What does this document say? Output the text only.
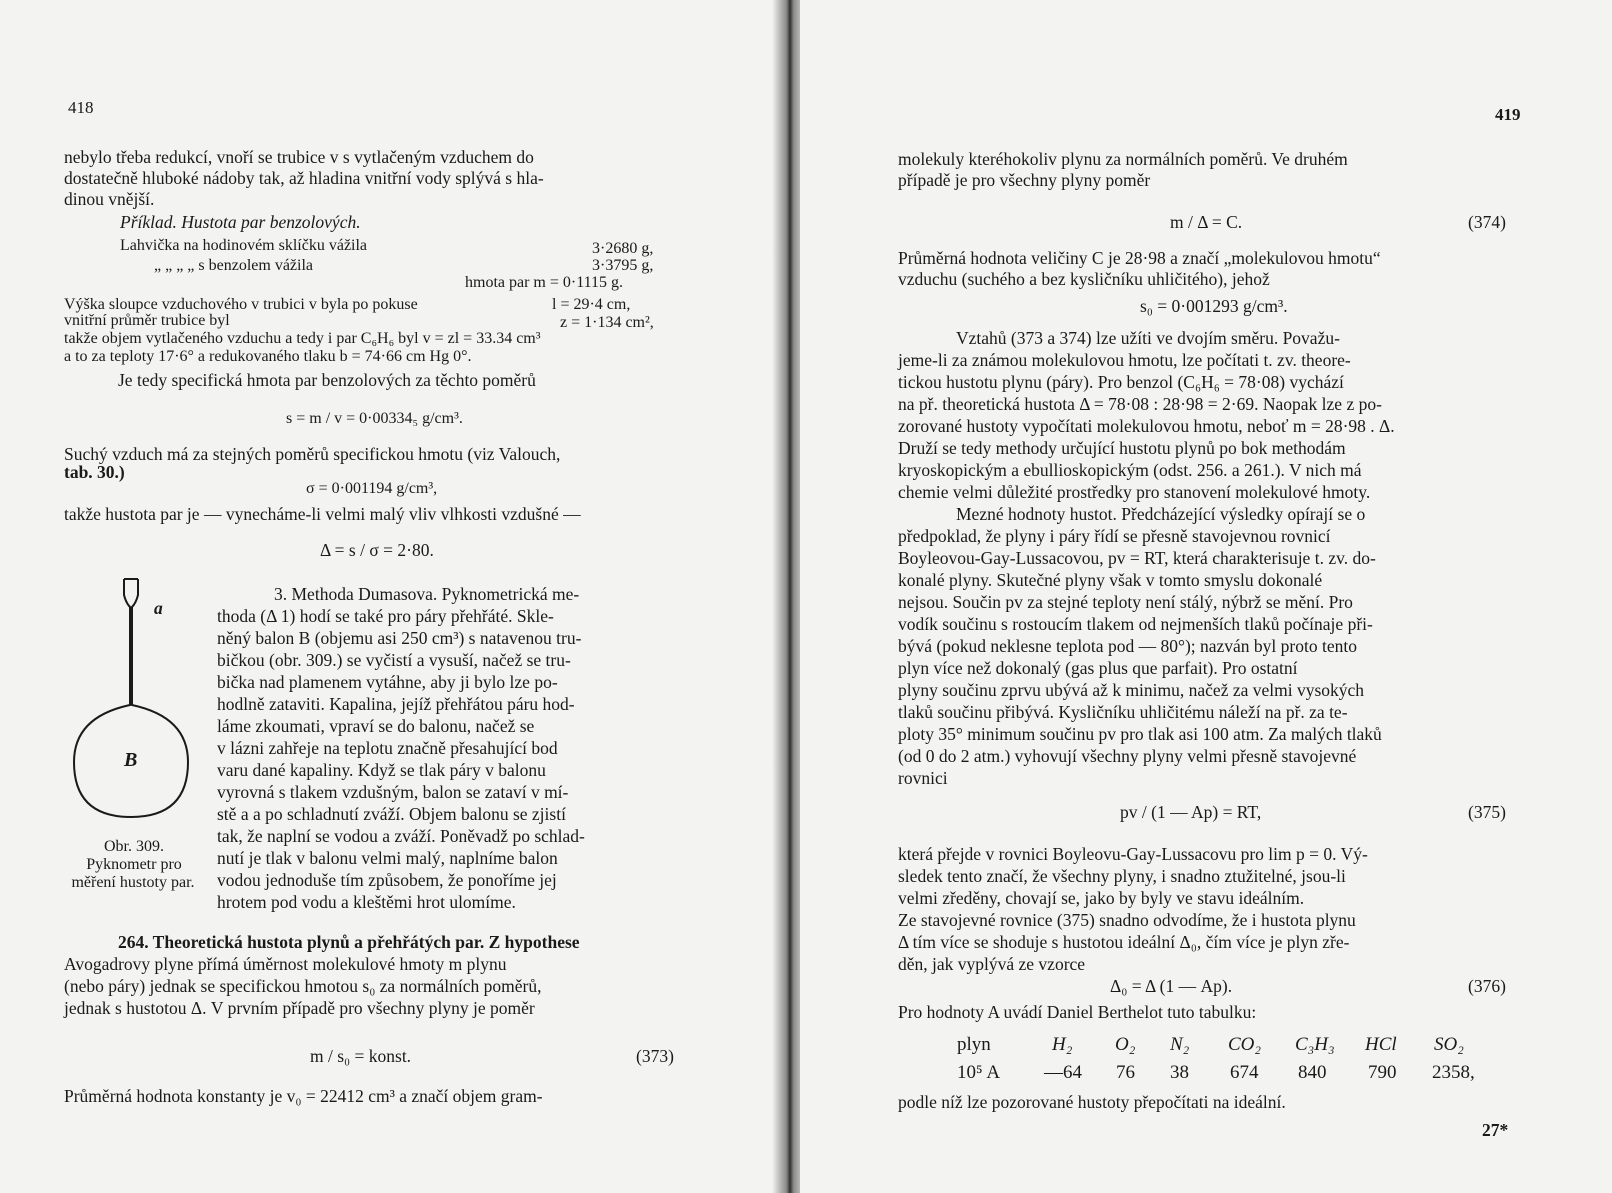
418
nebylo třeba redukcí, vnoří se trubice v s vytlačeným vzduchem do
dostatečně hluboké nádoby tak, až hladina vnitřní vody splývá s hla-
dinou vnější.
Příklad. Hustota par benzolových.
Lahvička na hodinovém sklíčku vážila	3·2680 g,
„ „ „ „ s benzolem vážila	3·3795 g,
hmota par m = 0·1115 g.
Výška sloupce vzduchového v trubici v byla po pokuse	l = 29·4 cm,
vnitřní průměr trubice byl	z = 1·134 cm²,
takže objem vytlačeného vzduchu a tedy i par C₆H₆ byl v = zl = 33.34 cm³
a to za teploty 17·6° a redukovaného tlaku b = 74·66 cm Hg 0°.
Je tedy specifická hmota par benzolových za těchto poměrů
s = m / v = 0·00334₅ g/cm³.
Suchý vzduch má za stejných poměrů specifickou hmotu (viz Valouch,
tab. 30.)
σ = 0·001194 g/cm³,
takže hustota par je — vynecháme-li velmi malý vliv vlhkosti vzdušné —
Δ = s / σ = 2·80.
a
B
Obr. 309.
Pyknometr pro
měření hustoty par.
3. Methoda Dumasova. Pyknometrická me-
thoda (Δ 1) hodí se také pro páry přehřáté. Skle-
něný balon B (objemu asi 250 cm³) s natavenou tru-
bičkou (obr. 309.) se vyčistí a vysuší, načež se tru-
bička nad plamenem vytáhne, aby ji bylo lze po-
hodlně zataviti. Kapalina, jejíž přehřátou páru hod-
láme zkoumati, vpraví se do balonu, načež se
v lázni zahřeje na teplotu značně přesahující bod
varu dané kapaliny. Když se tlak páry v balonu
vyrovná s tlakem vzdušným, balon se zataví v mí-
stě a a po schladnutí zváží. Objem balonu se zjistí
tak, že naplní se vodou a zváží. Poněvadž po schlad-
nutí je tlak v balonu velmi malý, naplníme balon
vodou jednoduše tím způsobem, že ponoříme jej
hrotem pod vodu a kleštěmi hrot ulomíme.
264. Theoretická hustota plynů a přehřátých par. Z hypothese
Avogadrovy plyne přímá úměrnost molekulové hmoty m plynu
(nebo páry) jednak se specifickou hmotou s₀ za normálních poměrů,
jednak s hustotou Δ. V prvním případě pro všechny plyny je poměr
m / s₀ = konst.	(373)
Průměrná hodnota konstanty je v₀ = 22412 cm³ a značí objem gram-
419
molekuly kteréhokoliv plynu za normálních poměrů. Ve druhém
případě je pro všechny plyny poměr
m / Δ = C.	(374)
Průměrná hodnota veličiny C je 28·98 a značí „molekulovou hmotu“
vzduchu (suchého a bez kysličníku uhličitého), jehož
s₀ = 0·001293 g/cm³.
Vztahů (373 a 374) lze užíti ve dvojím směru. Považu-
jeme-li za známou molekulovou hmotu, lze počítati t. zv. theore-
tickou hustotu plynu (páry). Pro benzol (C₆H₆ = 78·08) vychází
na př. theoretická hustota Δ = 78·08 : 28·98 = 2·69. Naopak lze z po-
zorované hustoty vypočítati molekulovou hmotu, neboť m = 28·98 . Δ.
Druží se tedy methody určující hustotu plynů po bok methodám
kryoskopickým a ebullioskopickým (odst. 256. a 261.). V nich má
chemie velmi důležité prostředky pro stanovení molekulové hmoty.
Mezné hodnoty hustot. Předcházející výsledky opírají se o
předpoklad, že plyny i páry řídí se přesně stavojevnou rovnicí
Boyleovou-Gay-Lussacovou, pv = RT, která charakterisuje t. zv. do-
konalé plyny. Skutečné plyny však v tomto smyslu dokonalé
nejsou. Součin pv za stejné teploty není stálý, nýbrž se mění. Pro
vodík součinu s rostoucím tlakem od nejmenších tlaků počínaje při-
bývá (pokud neklesne teplota pod — 80°); nazván byl proto tento
plyn více než dokonalý (gas plus que parfait). Pro ostatní
plyny součinu zprvu ubývá až k minimu, načež za velmi vysokých
tlaků součinu přibývá. Kysličníku uhličitému náleží na př. za te-
ploty 35° minimum součinu pv pro tlak asi 100 atm. Za malých tlaků
(od 0 do 2 atm.) vyhovují všechny plyny velmi přesně stavojevné
rovnici
pv / (1 — Ap) = RT,	(375)
která přejde v rovnici Boyleovu-Gay-Lussacovu pro lim p = 0. Vý-
sledek tento značí, že všechny plyny, i snadno ztužitelné, jsou-li
velmi zředěny, chovají se, jako by byly ve stavu ideálním.
Ze stavojevné rovnice (375) snadno odvodíme, že i hustota plynu
Δ tím více se shoduje s hustotou ideální Δ₀, čím více je plyn zře-
děn, jak vyplývá ze vzorce
Δ₀ = Δ (1 — Ap).	(376)
Pro hodnoty A uvádí Daniel Berthelot tuto tabulku:
plyn	H₂ O₂ N₂ CO₂ C₃H₃ HCl SO₂
10⁵ A —64 76 38 674 840 790 2358,
podle níž lze pozorované hustoty přepočítati na ideální.
27*
